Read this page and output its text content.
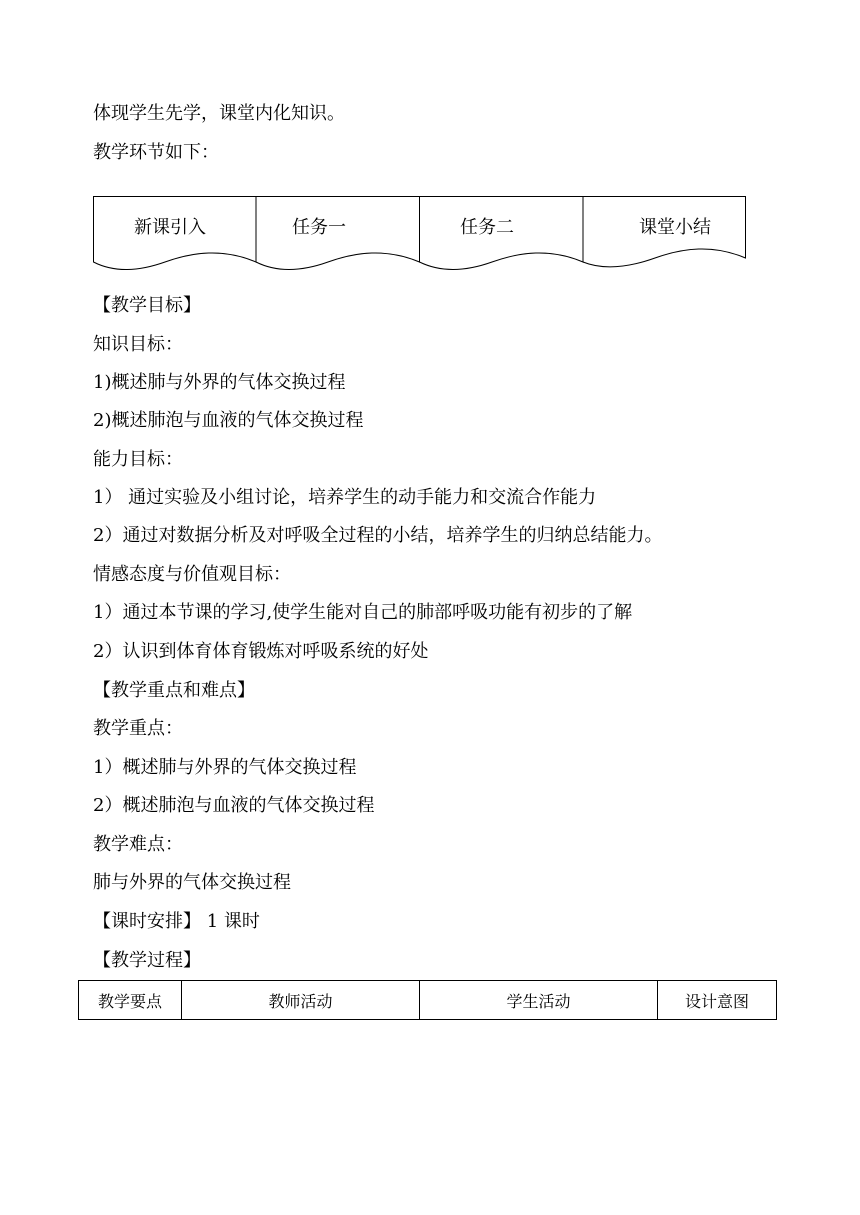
体现学生先学，课堂内化知识。
教学环节如下：
新课引入	任务一	任务二	课堂小结
【教学目标】
知识目标：
1)概述肺与外界的气体交换过程
2)概述肺泡与血液的气体交换过程
能力目标：
1） 通过实验及小组讨论，培养学生的动手能力和交流合作能力
2）通过对数据分析及对呼吸全过程的小结，培养学生的归纳总结能力。
情感态度与价值观目标：
1）通过本节课的学习,使学生能对自己的肺部呼吸功能有初步的了解
2）认识到体育体育锻炼对呼吸系统的好处
【教学重点和难点】
教学重点：
1）概述肺与外界的气体交换过程
2）概述肺泡与血液的气体交换过程
教学难点：
肺与外界的气体交换过程
【课时安排】 1 课时
【教学过程】
教学要点	教师活动	学生活动	设计意图
